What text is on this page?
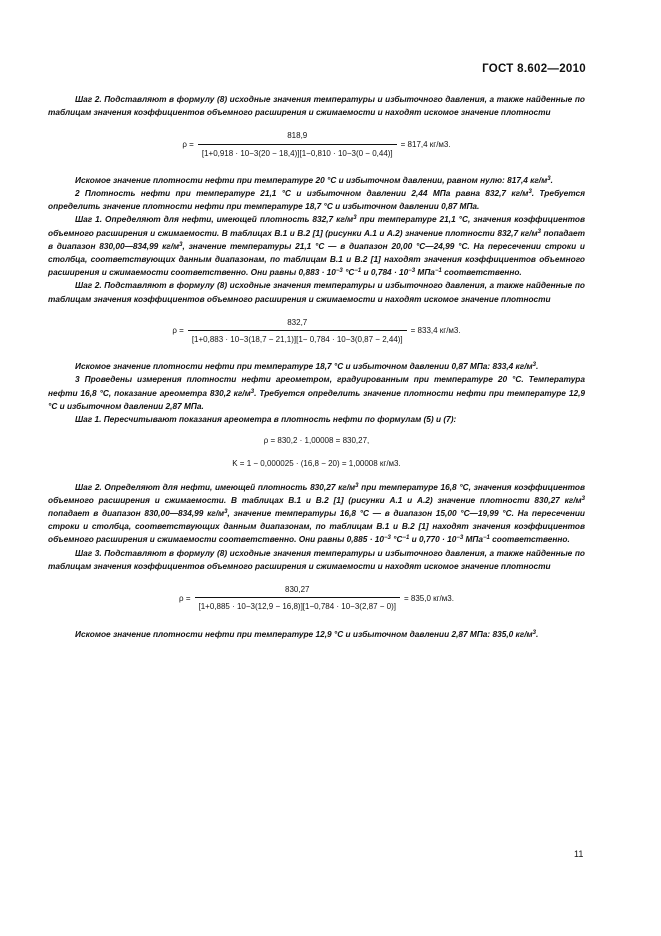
ГОСТ 8.602—2010

Шаг 2. Подставляют в формулу (8) исходные значения температуры и избыточного давления, а также найденные по таблицам значения коэффициентов объемного расширения и сжимаемости и находят искомое значение плотности

$\rho = \frac{818,9}{[1+0,918 \cdot 10-3(20 - 18,4)][1-0,810 \cdot 10-3(0 - 0,44)]} = 817,4$ кг/м3.

Искомое значение плотности нефти при температуре 20 °С и избыточном давлении, равном нулю: 817,4 $кг/м^3$.

2 Плотность нефти при температуре 21,1 °С и избыточном давлении 2,44 МПа равна 832,7 $кг/м^3$. Требуется определить значение плотности нефти при температуре 18,7 °С и избыточном давлении 0,87 МПа.

Шаг 1. Определяют для нефти, имеющей плотность 832,7 $кг/м^3$ при температуре 21,1 °С, значения коэффициентов объемного расширения и сжимаемости. В таблицах В.1 и В.2 [1] (рисунки А.1 и А.2) значение плотности 832,7 $кг/м^3$ попадает в диапазон 830,00—834,99 $кг/м^3$, значение температуры 21,1 °С — в диапазон 20,00 °С—24,99 °С. На пересечении строки и столбца, соответствующих данным диапазонам, по таблицам В.1 и В.2 [1] находят значения коэффициентов объемного расширения и сжимаемости соответственно. Они равны $0,883 \cdot 10^{-3}$ $^\circ С^{-1}$ и $0,784 \cdot 10^{-3}$ МПа$^{-1}$ соответственно.

Шаг 2. Подставляют в формулу (8) исходные значения температуры и избыточного давления, а также найденные по таблицам значения коэффициентов объемного расширения и сжимаемости и находят искомое значение плотности

$\rho = \frac{832,7}{[1+0,883 \cdot 10-3(18,7 - 21,1)][1- 0,784 \cdot 10-3(0,87 - 2,44)]} = 833,4$ кг/м3.

Искомое значение плотности нефти при температуре 18,7 °С и избыточном давлении 0,87 МПа: 833,4 $кг/м^3$.

3 Проведены измерения плотности нефти ареометром, градуированным при температуре 20 °С. Температура нефти 16,8 °С, показание ареометра 830,2 $кг/м^3$. Требуется определить значение плотности нефти при температуре 12,9 °С и избыточном давлении 2,87 МПа.

Шаг 1. Пересчитывают показания ареометра в плотность нефти по формулам (5) и (7):

ρ = 830,2 · 1,00008 = 830,27,
K = 1 − 0,000025 · (16,8 − 20) = 1,00008 кг/м3.

Шаг 2. Определяют для нефти, имеющей плотность 830,27 $кг/м^3$ при температуре 16,8 °С, значения коэффициентов объемного расширения и сжимаемости. В таблицах В.1 и В.2 [1] (рисунки А.1 и А.2) значение плотности 830,27 $кг/м^3$ попадает в диапазон 830,00—834,99 $кг/м^3$, значение температуры 16,8 °С — в диапазон 15,00 °С—19,99 °С. На пересечении строки и столбца, соответствующих данным диапазонам, по таблицам В.1 и В.2 [1] находят значения коэффициентов объемного расширения и сжимаемости соответственно. Они равны $0,885 \cdot 10^{-3}$ $^\circ С^{-1}$ и $0,770 \cdot 10^{-3}$ МПа$^{-1}$ соответственно.

Шаг 3. Подставляют в формулу (8) исходные значения температуры и избыточного давления, а также найденные по таблицам значения коэффициентов объемного расширения и сжимаемости и находят искомое значение плотности

$\rho = \frac{830,27}{[1+0,885 \cdot 10-3(12,9 - 16,8)][1-0,784 \cdot 10-3(2,87 - 0)]} = 835,0$ кг/м3.

Искомое значение плотности нефти при температуре 12,9 °С и избыточном давлении 2,87 МПа: 835,0 $кг/м^3$.

11
